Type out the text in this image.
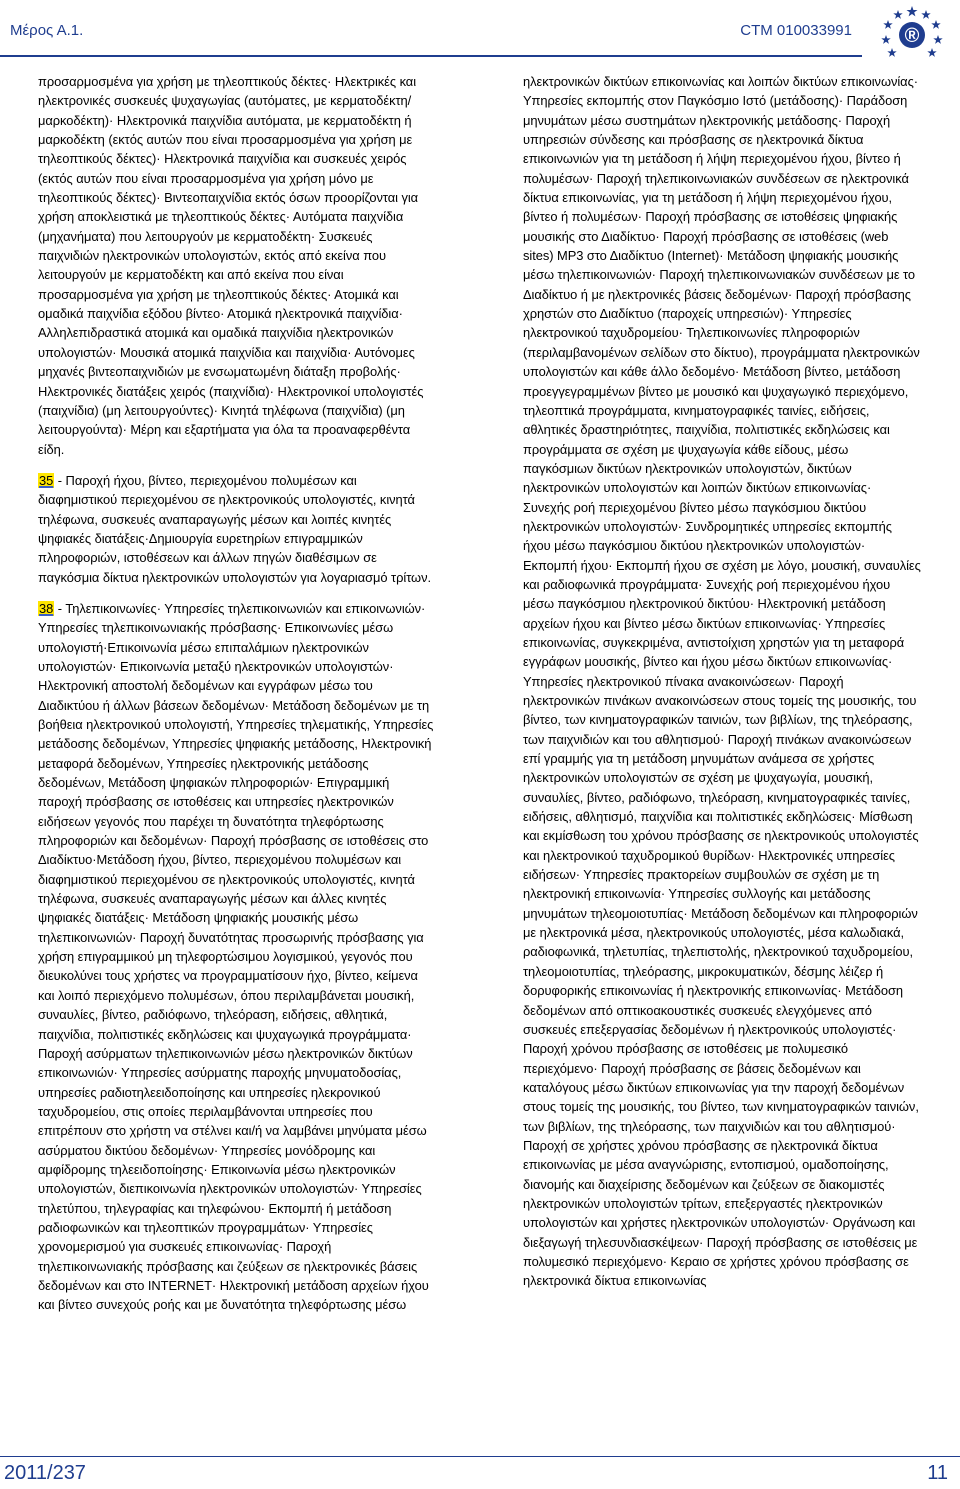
Μέρος Α.1.	CTM 010033991	®

προσαρμοσμένα για χρήση με τηλεοπτικούς δέκτες· Ηλεκτρικές και ηλεκτρονικές συσκευές ψυχαγωγίας (αυτόματες, με κερματοδέκτη/μαρκοδέκτη)· Ηλεκτρονικά παιχνίδια αυτόματα, με κερματοδέκτη ή μαρκοδέκτη (εκτός αυτών που είναι προσαρμοσμένα για χρήση με τηλεοπτικούς δέκτες)· Ηλεκτρονικά παιχνίδια και συσκευές χειρός (εκτός αυτών που είναι προσαρμοσμένα για χρήση μόνο με τηλεοπτικούς δέκτες)· Βιντεοπαιχνίδια εκτός όσων προορίζονται για χρήση αποκλειστικά με τηλεοπτικούς δέκτες· Αυτόματα παιχνίδια (μηχανήματα) που λειτουργούν με κερματοδέκτη· Συσκευές παιχνιδιών ηλεκτρονικών υπολογιστών, εκτός από εκείνα που λειτουργούν με κερματοδέκτη και από εκείνα που είναι προσαρμοσμένα για χρήση με τηλεοπτικούς δέκτες· Ατομικά και ομαδικά παιχνίδια εξόδου βίντεο· Ατομικά ηλεκτρονικά παιχνίδια· Αλληλεπιδραστικά ατομικά και ομαδικά παιχνίδια ηλεκτρονικών υπολογιστών· Μουσικά ατομικά παιχνίδια και παιχνίδια· Αυτόνομες μηχανές βιντεοπαιχνιδιών με ενσωματωμένη διάταξη προβολής· Ηλεκτρονικές διατάξεις χειρός (παιχνίδια)· Ηλεκτρονικοί υπολογιστές (παιχνίδια) (μη λειτουργούντες)· Κινητά τηλέφωνα (παιχνίδια) (μη λειτουργούντα)· Μέρη και εξαρτήματα για όλα τα προαναφερθέντα είδη.

35 - Παροχή ήχου, βίντεο, περιεχομένου πολυμέσων και διαφημιστικού περιεχομένου σε ηλεκτρονικούς υπολογιστές, κινητά τηλέφωνα, συσκευές αναπαραγωγής μέσων και λοιπές κινητές ψηφιακές διατάξεις·Δημιουργία ευρετηρίων επιγραμμικών πληροφοριών, ιστοθέσεων και άλλων πηγών διαθέσιμων σε παγκόσμια δίκτυα ηλεκτρονικών υπολογιστών για λογαριασμό τρίτων.

38 - Τηλεπικοινωνίες· Υπηρεσίες τηλεπικοινωνιών και επικοινωνιών· Υπηρεσίες τηλεπικοινωνιακής πρόσβασης· Επικοινωνίες μέσω υπολογιστή·Επικοινωνία μέσω επιπαλάμιων ηλεκτρονικών υπολογιστών· Επικοινωνία μεταξύ ηλεκτρονικών υπολογιστών· Ηλεκτρονική αποστολή δεδομένων και εγγράφων μέσω του Διαδικτύου ή άλλων βάσεων δεδομένων· Μετάδοση δεδομένων με τη βοήθεια ηλεκτρονικού υπολογιστή, Υπηρεσίες τηλεματικής, Υπηρεσίες μετάδοσης δεδομένων, Υπηρεσίες ψηφιακής μετάδοσης, Ηλεκτρονική μεταφορά δεδομένων, Υπηρεσίες ηλεκτρονικής μετάδοσης δεδομένων, Μετάδοση ψηφιακών πληροφοριών· Επιγραμμική παροχή πρόσβασης σε ιστοθέσεις και υπηρεσίες ηλεκτρονικών ειδήσεων γεγονός που παρέχει τη δυνατότητα τηλεφόρτωσης πληροφοριών και δεδομένων· Παροχή πρόσβασης σε ιστοθέσεις στο Διαδίκτυο·Μετάδοση ήχου, βίντεο, περιεχομένου πολυμέσων και διαφημιστικού περιεχομένου σε ηλεκτρονικούς υπολογιστές, κινητά τηλέφωνα, συσκευές αναπαραγωγής μέσων και άλλες κινητές ψηφιακές διατάξεις· Μετάδοση ψηφιακής μουσικής μέσω τηλεπικοινωνιών· Παροχή δυνατότητας προσωρινής πρόσβασης για χρήση επιγραμμικού μη τηλεφορτώσιμου λογισμικού, γεγονός που διευκολύνει τους χρήστες να προγραμματίσουν ήχο, βίντεο, κείμενα και λοιπό περιεχόμενο πολυμέσων, όπου περιλαμβάνεται μουσική, συναυλίες, βίντεο, ραδιόφωνο, τηλεόραση, ειδήσεις, αθλητικά, παιχνίδια, πολιτιστικές εκδηλώσεις και ψυχαγωγικά προγράμματα· Παροχή ασύρματων τηλεπικοινωνιών μέσω ηλεκτρονικών δικτύων επικοινωνιών· Υπηρεσίες ασύρματης παροχής μηνυματοδοσίας, υπηρεσίες ραδιοτηλεειδοποίησης και υπηρεσίες ηλεκρονικού ταχυδρομείου, στις οποίες περιλαμβάνονται υπηρεσίες που επιτρέπουν στο χρήστη να στέλνει και/ή να λαμβάνει μηνύματα μέσω ασύρματου δικτύου δεδομένων· Υπηρεσίες μονόδρομης και αμφίδρομης τηλεειδοποίησης· Επικοινωνία μέσω ηλεκτρονικών υπολογιστών, διεπικοινωνία ηλεκτρονικών υπολογιστών· Υπηρεσίες τηλετύπου, τηλεγραφίας και τηλεφώνου· Εκπομπή ή μετάδοση ραδιοφωνικών και τηλεοπτικών προγραμμάτων· Υπηρεσίες χρονομερισμού για συσκευές επικοινωνίας· Παροχή τηλεπικοινωνιακής πρόσβασης και ζεύξεων σε ηλεκτρονικές βάσεις δεδομένων και στο INTERNET· Ηλεκτρονική μετάδοση αρχείων ήχου και βίντεο συνεχούς ροής και με δυνατότητα τηλεφόρτωσης μέσω

ηλεκτρονικών δικτύων επικοινωνίας και λοιπών δικτύων επικοινωνίας· Υπηρεσίες εκπομπής στον Παγκόσμιο Ιστό (μετάδοσης)· Παράδοση μηνυμάτων μέσω συστημάτων ηλεκτρονικής μετάδοσης· Παροχή υπηρεσιών σύνδεσης και πρόσβασης σε ηλεκτρονικά δίκτυα επικοινωνιών για τη μετάδοση ή λήψη περιεχομένου ήχου, βίντεο ή πολυμέσων· Παροχή τηλεπικοινωνιακών συνδέσεων σε ηλεκτρονικά δίκτυα επικοινωνίας, για τη μετάδοση ή λήψη περιεχομένου ήχου, βίντεο ή πολυμέσων· Παροχή πρόσβασης σε ιστοθέσεις ψηφιακής μουσικής στο Διαδίκτυο· Παροχή πρόσβασης σε ιστοθέσεις (web sites) MP3 στο Διαδίκτυο (Internet)· Μετάδοση ψηφιακής μουσικής μέσω τηλεπικοινωνιών· Παροχή τηλεπικοινωνιακών συνδέσεων με το Διαδίκτυο ή με ηλεκτρονικές βάσεις δεδομένων· Παροχή πρόσβασης χρηστών στο Διαδίκτυο (παροχείς υπηρεσιών)· Υπηρεσίες ηλεκτρονικού ταχυδρομείου· Τηλεπικοινωνίες πληροφοριών (περιλαμβανομένων σελίδων στο δίκτυο), προγράμματα ηλεκτρονικών υπολογιστών και κάθε άλλο δεδομένο· Μετάδοση βίντεο, μετάδοση προεγγεγραμμένων βίντεο με μουσικό και ψυχαγωγικό περιεχόμενο, τηλεοπτικά προγράμματα, κινηματογραφικές ταινίες, ειδήσεις, αθλητικές δραστηριότητες, παιχνίδια, πολιτιστικές εκδηλώσεις και προγράμματα σε σχέση με ψυχαγωγία κάθε είδους, μέσω παγκόσμιων δικτύων ηλεκτρονικών υπολογιστών, δικτύων ηλεκτρονικών υπολογιστών και λοιπών δικτύων επικοινωνίας· Συνεχής ροή περιεχομένου βίντεο μέσω παγκόσμιου δικτύου ηλεκτρονικών υπολογιστών· Συνδρομητικές υπηρεσίες εκπομπής ήχου μέσω παγκόσμιου δικτύου ηλεκτρονικών υπολογιστών· Εκπομπή ήχου· Εκπομπή ήχου σε σχέση με λόγο, μουσική, συναυλίες και ραδιοφωνικά προγράμματα· Συνεχής ροή περιεχομένου ήχου μέσω παγκόσμιου ηλεκτρονικού δικτύου· Ηλεκτρονική μετάδοση αρχείων ήχου και βίντεο μέσω δικτύων επικοινωνίας· Υπηρεσίες επικοινωνίας, συγκεκριμένα, αντιστοίχιση χρηστών για τη μεταφορά εγγράφων μουσικής, βίντεο και ήχου μέσω δικτύων επικοινωνίας· Υπηρεσίες ηλεκτρονικού πίνακα ανακοινώσεων· Παροχή ηλεκτρονικών πινάκων ανακοινώσεων στους τομείς της μουσικής, του βίντεο, των κινηματογραφικών ταινιών, των βιβλίων, της τηλεόρασης, των παιχνιδιών και του αθλητισμού· Παροχή πινάκων ανακοινώσεων επί γραμμής για τη μετάδοση μηνυμάτων ανάμεσα σε χρήστες ηλεκτρονικών υπολογιστών σε σχέση με ψυχαγωγία, μουσική, συναυλίες, βίντεο, ραδιόφωνο, τηλεόραση, κινηματογραφικές ταινίες, ειδήσεις, αθλητισμό, παιχνίδια και πολιτιστικές εκδηλώσεις· Μίσθωση και εκμίσθωση του χρόνου πρόσβασης σε ηλεκτρονικούς υπολογιστές και ηλεκτρονικού ταχυδρομικού θυρίδων· Ηλεκτρονικές υπηρεσίες ειδήσεων· Υπηρεσίες πρακτορείων συμβουλών σε σχέση με τη ηλεκτρονική επικοινωνία· Υπηρεσίες συλλογής και μετάδοσης μηνυμάτων τηλεομοιοτυπίας· Μετάδοση δεδομένων και πληροφοριών με ηλεκτρονικά μέσα, ηλεκτρονικούς υπολογιστές, μέσα καλωδιακά, ραδιοφωνικά, τηλετυπίας, τηλεπιστολής, ηλεκτρονικού ταχυδρομείου, τηλεομοιοτυπίας, τηλεόρασης, μικροκυματικών, δέσμης λέιζερ ή δορυφορικής επικοινωνίας ή ηλεκτρονικής επικοινωνίας· Μετάδοση δεδομένων από οπτικοακουστικές συσκευές ελεγχόμενες από συσκευές επεξεργασίας δεδομένων ή ηλεκτρονικούς υπολογιστές· Παροχή χρόνου πρόσβασης σε ιστοθέσεις με πολυμεσικό περιεχόμενο· Παροχή πρόσβασης σε βάσεις δεδομένων και καταλόγους μέσω δικτύων επικοινωνίας για την παροχή δεδομένων στους τομείς της μουσικής, του βίντεο, των κινηματογραφικών ταινιών, των βιβλίων, της τηλεόρασης, των παιχνιδιών και του αθλητισμού· Παροχή σε χρήστες χρόνου πρόσβασης σε ηλεκτρονικά δίκτυα επικοινωνίας με μέσα αναγνώρισης, εντοπισμού, ομαδοποίησης, διανομής και διαχείρισης δεδομένων και ζεύξεων σε διακομιστές ηλεκτρονικών υπολογιστών τρίτων, επεξεργαστές ηλεκτρονικών υπολογιστών και χρήστες ηλεκτρονικών υπολογιστών· Οργάνωση και διεξαγωγή τηλεσυνδιασκέψεων· Παροχή πρόσβασης σε ιστοθέσεις με πολυμεσικό περιεχόμενο· Κεραιο σε χρήστες χρόνου πρόσβασης σε ηλεκτρονικά δίκτυα επικοινωνίας

2011/237	11
